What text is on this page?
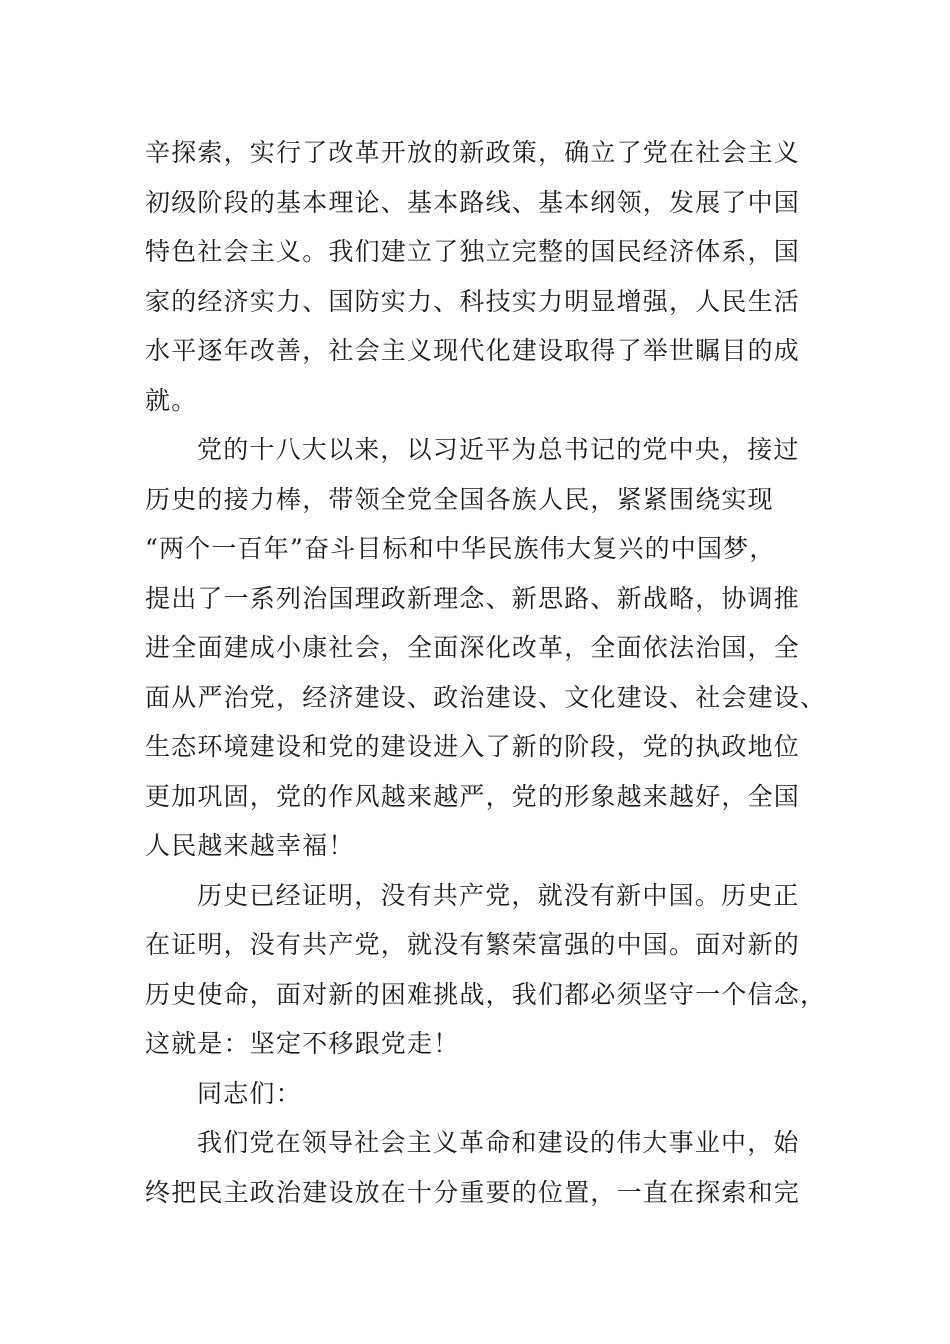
辛探索，实行了改革开放的新政策，确立了党在社会主义
初级阶段的基本理论、基本路线、基本纲领，发展了中国
特色社会主义。我们建立了独立完整的国民经济体系，国
家的经济实力、国防实力、科技实力明显增强，人民生活
水平逐年改善，社会主义现代化建设取得了举世瞩目的成
就。
党的十八大以来，以习近平为总书记的党中央，接过
历史的接力棒，带领全党全国各族人民，紧紧围绕实现
“两个一百年”奋斗目标和中华民族伟大复兴的中国梦，
提出了一系列治国理政新理念、新思路、新战略，协调推
进全面建成小康社会，全面深化改革，全面依法治国，全
面从严治党，经济建设、政治建设、文化建设、社会建设、
生态环境建设和党的建设进入了新的阶段，党的执政地位
更加巩固，党的作风越来越严，党的形象越来越好，全国
人民越来越幸福！
历史已经证明，没有共产党，就没有新中国。历史正
在证明，没有共产党，就没有繁荣富强的中国。面对新的
历史使命，面对新的困难挑战，我们都必须坚守一个信念，
这就是：坚定不移跟党走！
同志们：
我们党在领导社会主义革命和建设的伟大事业中，始
终把民主政治建设放在十分重要的位置，一直在探索和完
